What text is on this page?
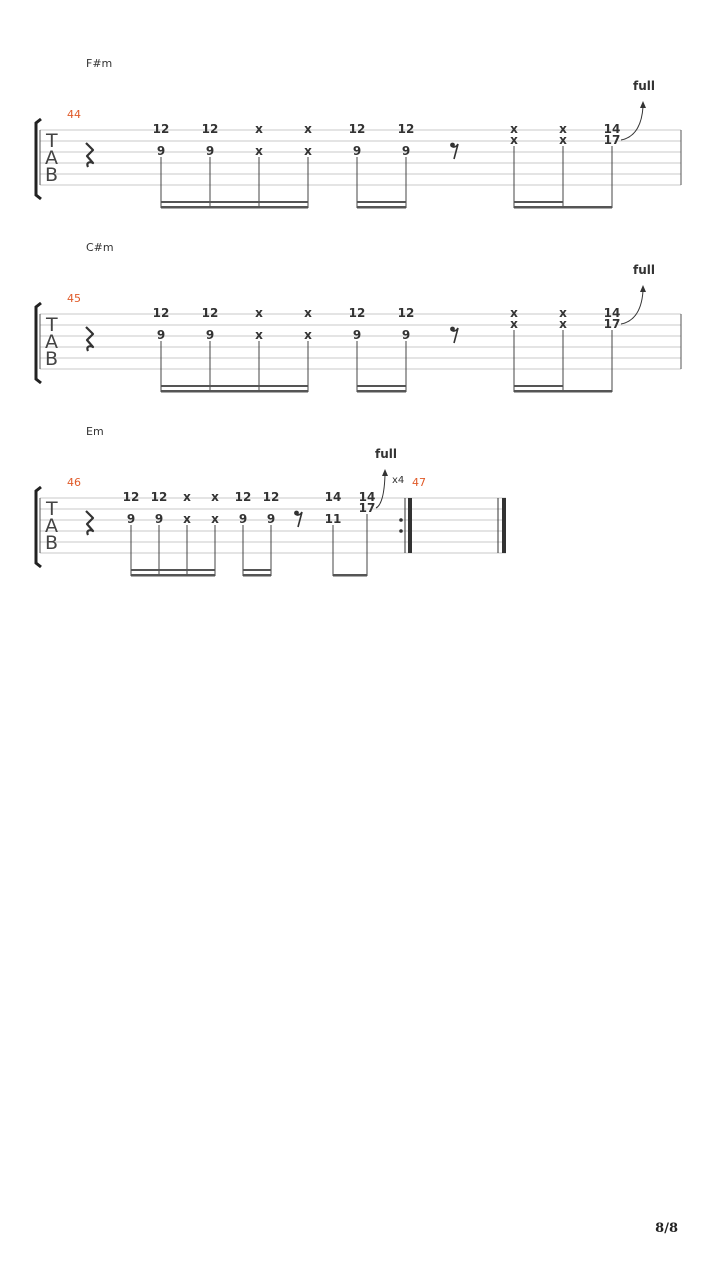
F#m
44
T
A
B
12
9
12
9
x
x
x
x
12
9
12
9
x
x
x
x
14
17
full
C#m
45
T
A
B
12
9
12
9
x
x
x
x
12
9
12
9
x
x
x
x
14
17
full
Em
46	47
x4
T
A
B
12
9
12
9
x
x
x
x
12
9
12
9
14
11
14
17
full
8/8
